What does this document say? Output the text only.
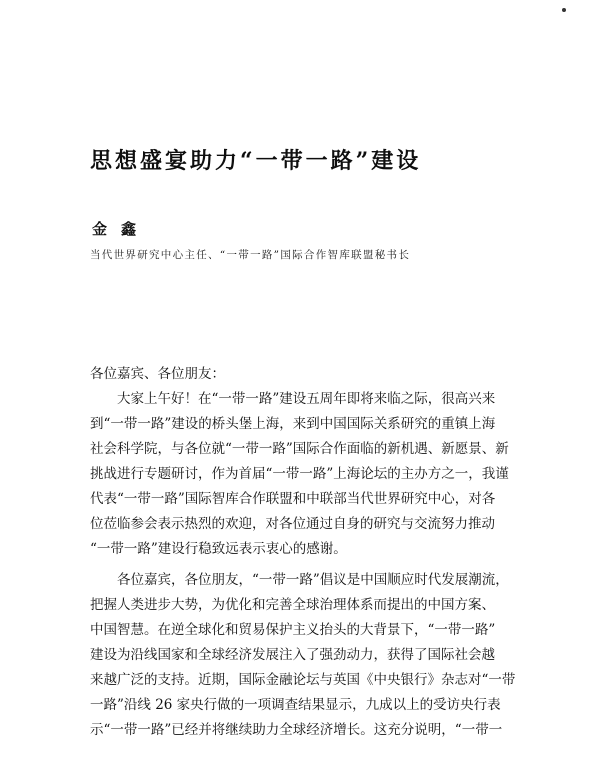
思想盛宴助力“一带一路”建设
金鑫
当代世界研究中心主任、“一带一路”国际合作智库联盟秘书长
各位嘉宾、各位朋友：
大家上午好！在“一带一路”建设五周年即将来临之际，很高兴来
到“一带一路”建设的桥头堡上海，来到中国国际关系研究的重镇上海
社会科学院，与各位就“一带一路”国际合作面临的新机遇、新愿景、新
挑战进行专题研讨，作为首届“一带一路”上海论坛的主办方之一，我谨
代表“一带一路”国际智库合作联盟和中联部当代世界研究中心，对各
位莅临参会表示热烈的欢迎，对各位通过自身的研究与交流努力推动
“一带一路”建设行稳致远表示衷心的感谢。
各位嘉宾，各位朋友，“一带一路”倡议是中国顺应时代发展潮流，
把握人类进步大势，为优化和完善全球治理体系而提出的中国方案、
中国智慧。在逆全球化和贸易保护主义抬头的大背景下，“一带一路”
建设为沿线国家和全球经济发展注入了强劲动力，获得了国际社会越
来越广泛的支持。近期，国际金融论坛与英国《中央银行》杂志对“一带
一路”沿线 26 家央行做的一项调查结果显示，九成以上的受访央行表
示“一带一路”已经并将继续助力全球经济增长。这充分说明，“一带一
